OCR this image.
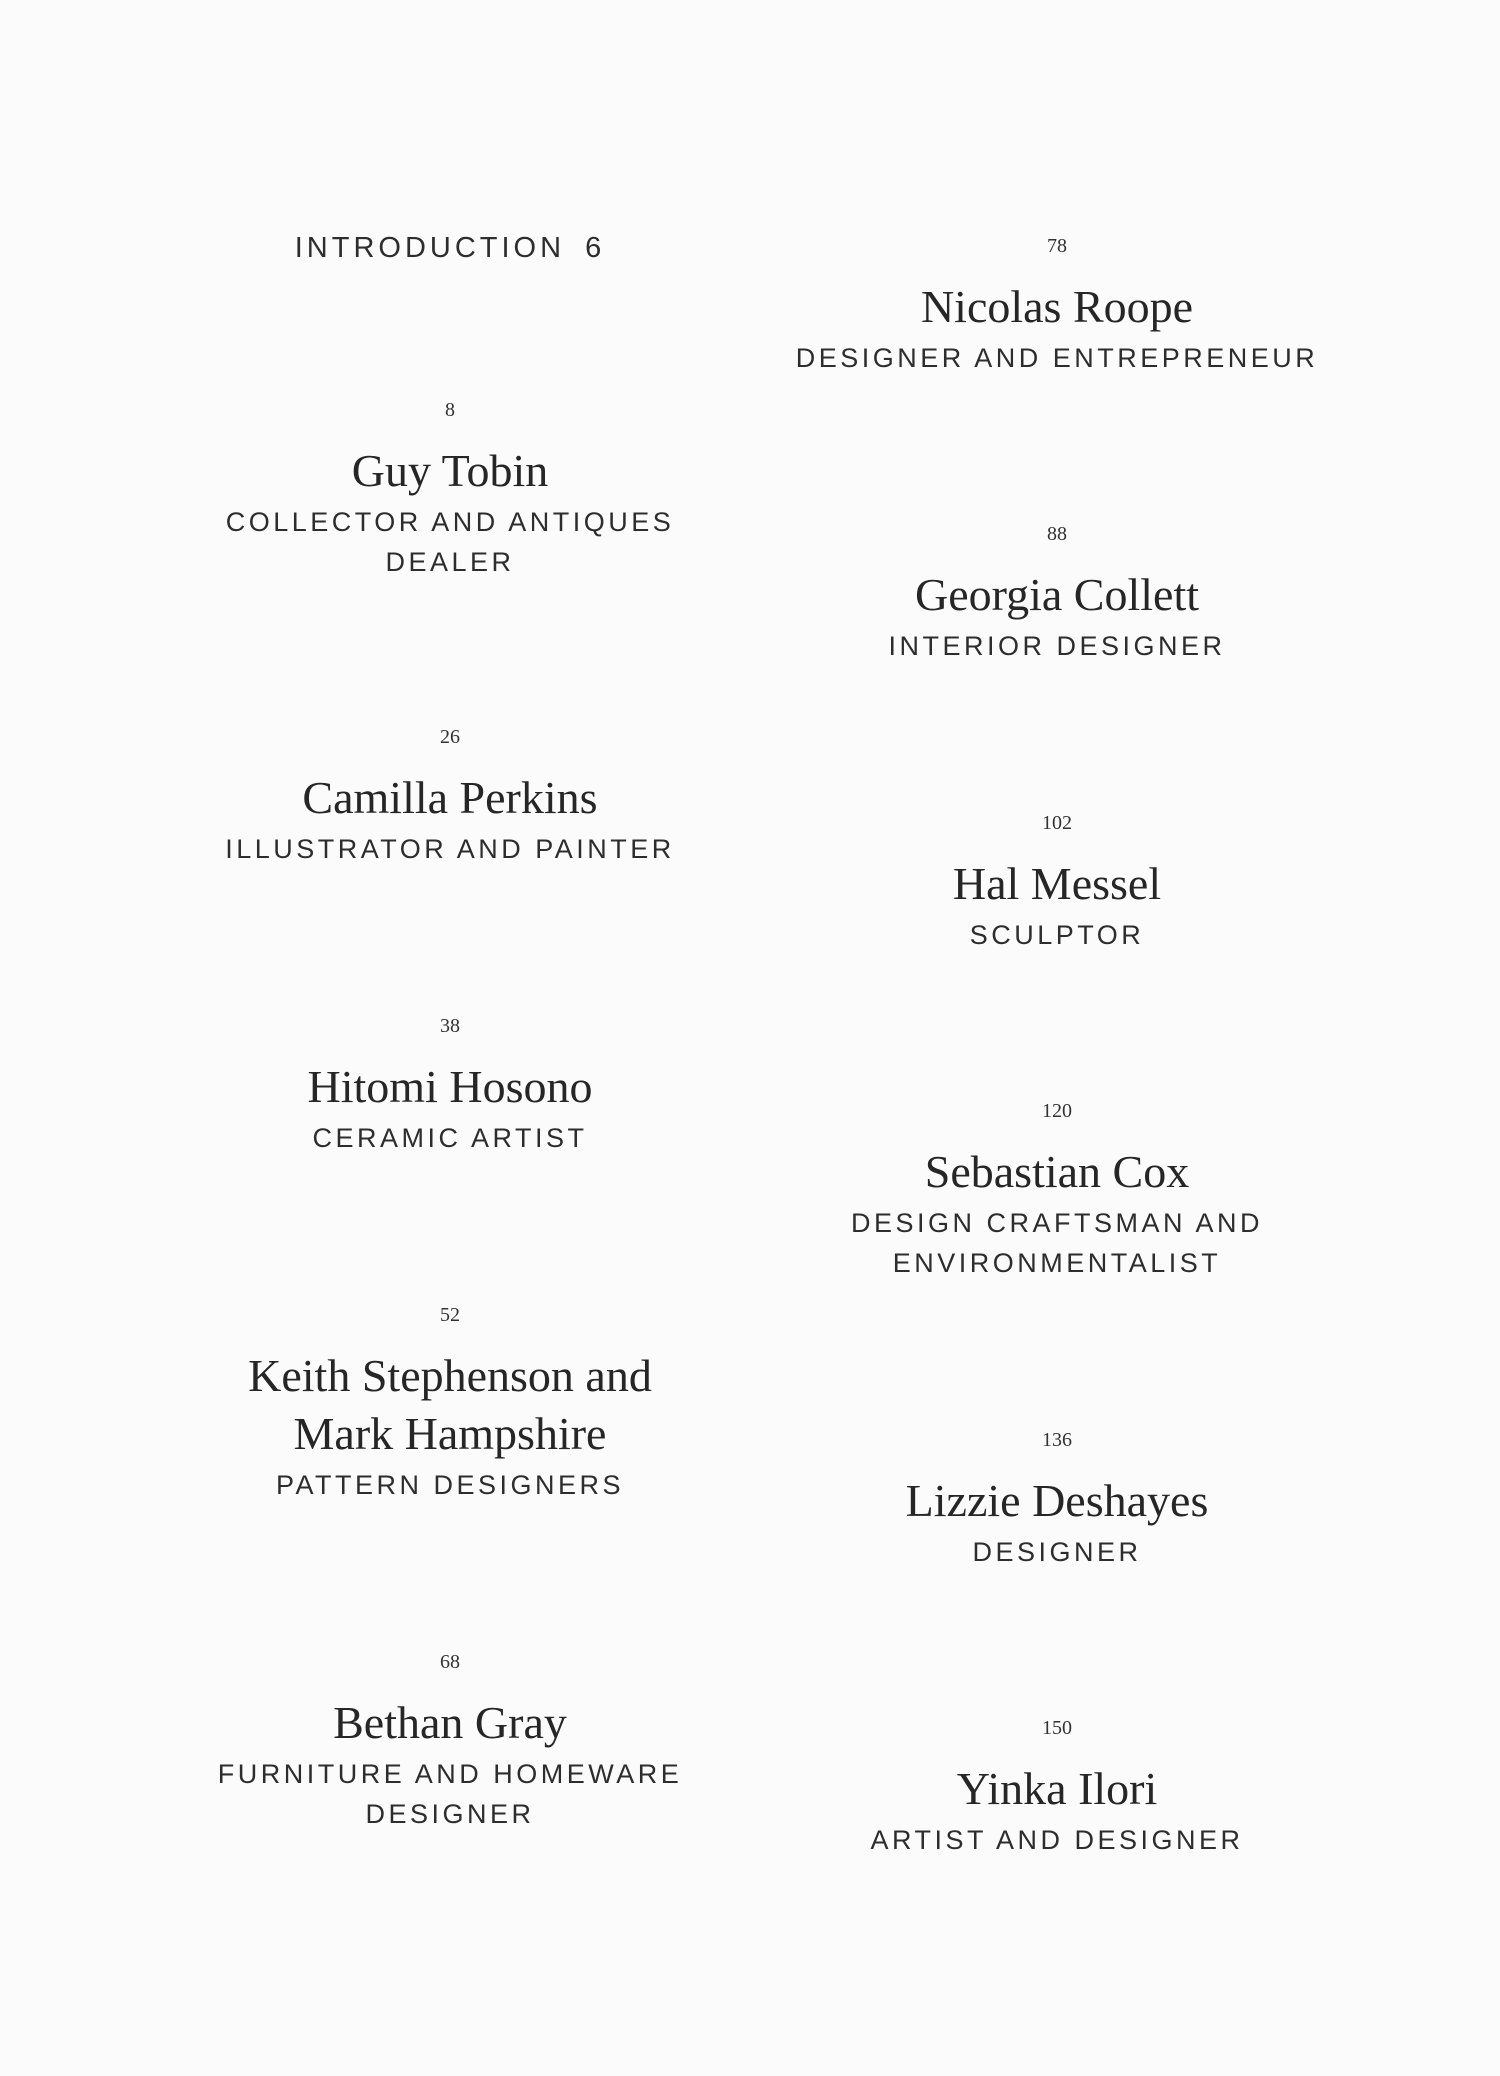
INTRODUCTION 6
8
Guy Tobin
COLLECTOR AND ANTIQUES DEALER
26
Camilla Perkins
ILLUSTRATOR AND PAINTER
38
Hitomi Hosono
CERAMIC ARTIST
52
Keith Stephenson and Mark Hampshire
PATTERN DESIGNERS
68
Bethan Gray
FURNITURE AND HOMEWARE DESIGNER
78
Nicolas Roope
DESIGNER AND ENTREPRENEUR
88
Georgia Collett
INTERIOR DESIGNER
102
Hal Messel
SCULPTOR
120
Sebastian Cox
DESIGN CRAFTSMAN AND ENVIRONMENTALIST
136
Lizzie Deshayes
DESIGNER
150
Yinka Ilori
ARTIST AND DESIGNER
